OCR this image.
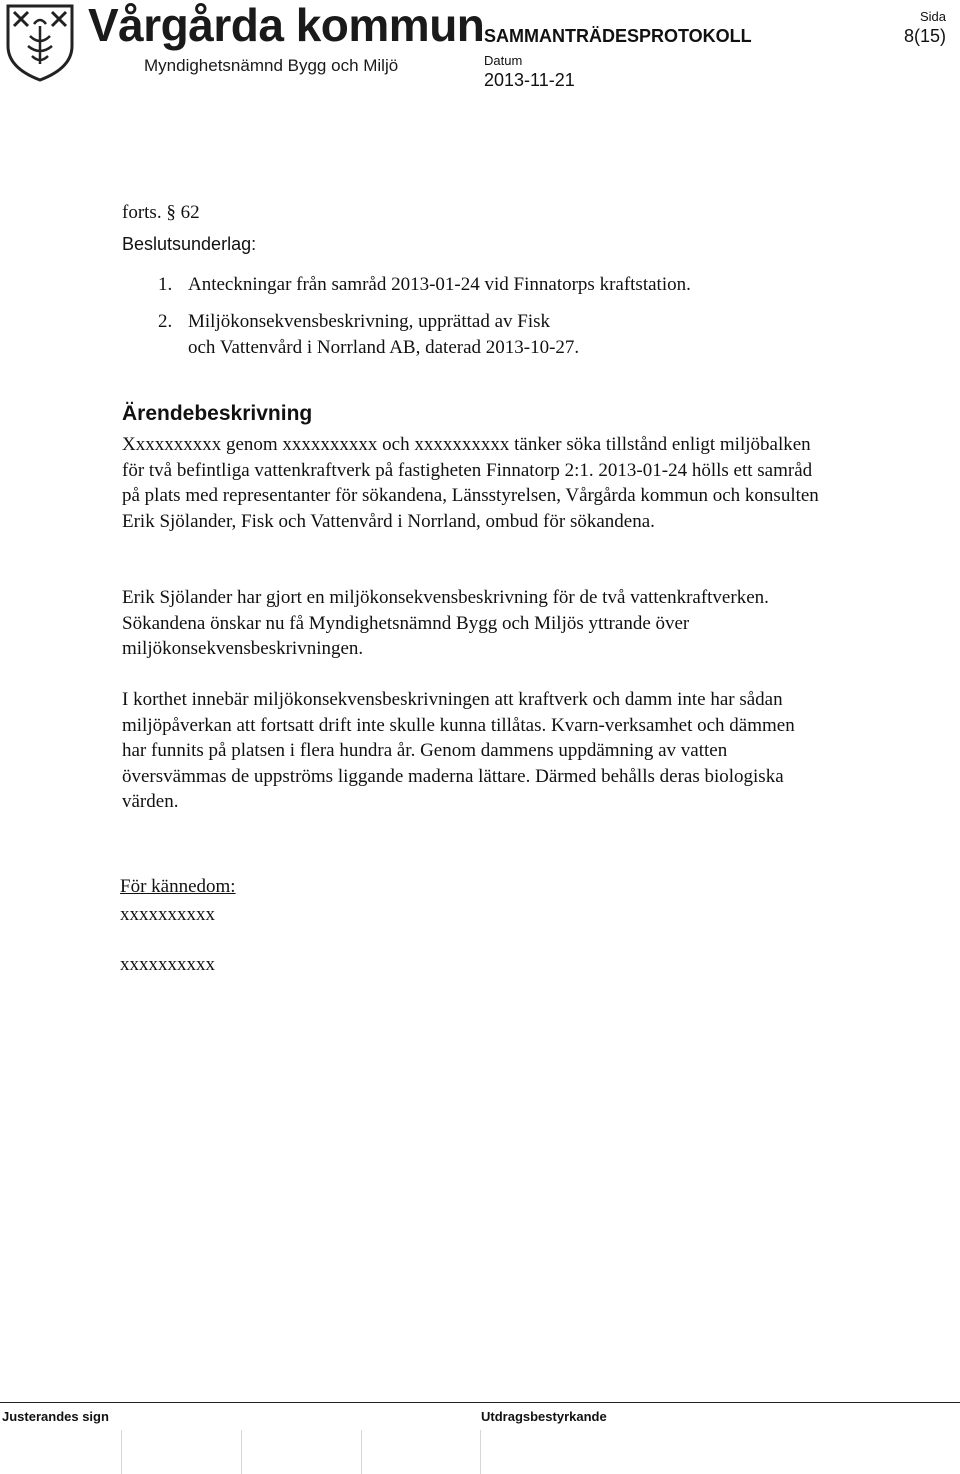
Vårgårda kommun
Myndighetsnämnd Bygg och Miljö
SAMMANTRÄDESPROTOKOLL
Datum
2013-11-21
Sida
8(15)
forts. § 62
Beslutsunderlag:
1. Anteckningar från samråd 2013-01-24 vid Finnatorps kraftstation.
2. Miljökonsekvensbeskrivning, upprättad av Fisk
och Vattenvård i Norrland AB, daterad 2013-10-27.
Ärendebeskrivning
Xxxxxxxxxx genom xxxxxxxxxx och xxxxxxxxxx tänker söka tillstånd enligt miljöbalken för två befintliga vattenkraftverk på fastigheten Finnatorp 2:1. 2013-01-24 hölls ett samråd på plats med representanter för sökandena, Länsstyrelsen, Vårgårda kommun och konsulten Erik Sjölander, Fisk och Vattenvård i Norrland, ombud för sökandena.
Erik Sjölander har gjort en miljökonsekvensbeskrivning för de två vattenkraftverken. Sökandena önskar nu få Myndighetsnämnd Bygg och Miljös yttrande över miljökonsekvensbeskrivningen.
I korthet innebär miljökonsekvensbeskrivningen att kraftverk och damm inte har sådan miljöpåverkan att fortsatt drift inte skulle kunna tillåtas. Kvarn-verksamhet och dämmen har funnits på platsen i flera hundra år. Genom dammens uppdämning av vatten översvämmas de uppströms liggande maderna lättare. Därmed behålls deras biologiska värden.
För kännedom:
xxxxxxxxxx
xxxxxxxxxx
Justerandes sign	Utdragsbestyrkande
